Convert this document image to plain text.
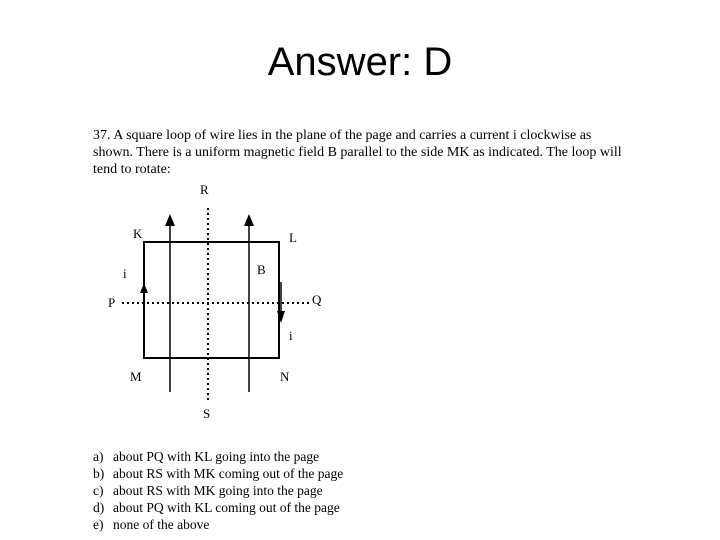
Answer: D
37. A square loop of wire lies in the plane of the page and carries a current i clockwise as shown. There is a uniform magnetic field B parallel to the side MK as indicated. The loop will tend to rotate:
R
K	L
i	B
P	Q
i
M	N
S
a) about PQ with KL going into the page
b) about RS with MK coming out of the page
c) about RS with MK going into the page
d) about PQ with KL coming out of the page
e) none of the above
